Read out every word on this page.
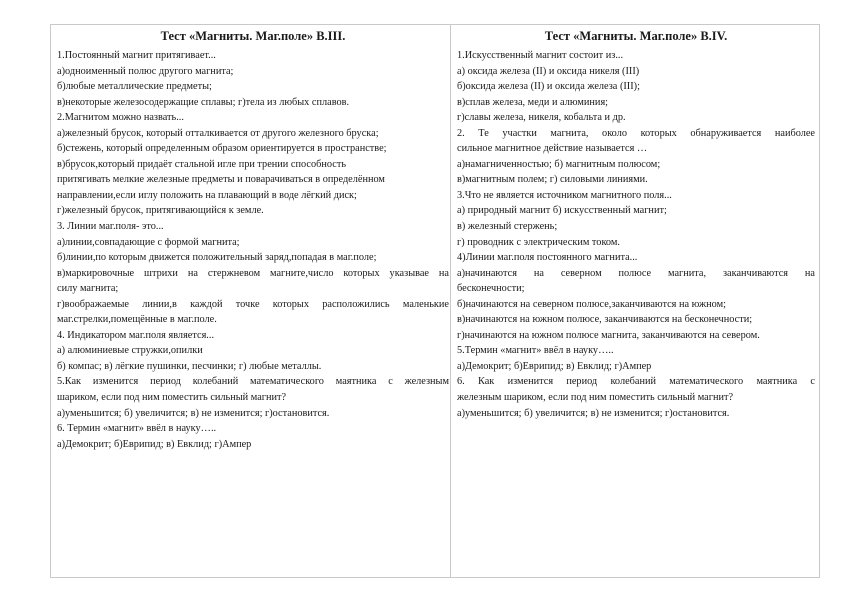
Тест «Магниты. Маг.поле» В.III.
1.Постоянный магнит притягивает...
а)одноименный полюс другого магнита;
б)любые металлические предметы;
в)некоторые железосодержащие сплавы; г)тела из любых сплавов.
2.Магнитом можно назвать...
а)железный брусок, который отталкивается от другого железного бруска;
б)стежень, который определенным образом ориентируется в пространстве;
в)брусок,который придаёт стальной игле при трении способность
притягивать мелкие железные предметы и поварачиваться в определённом
направлении,если иглу положить на плавающий в воде лёгкий диск;
г)железный брусок, притягивающийся к земле.
3. Линии маг.поля- это...
а)линии,совпадающие с формой магнита;
б)линии,по которым движется положительный заряд,попадая в маг.поле;
в)маркировочные штрихи на стержневом магните,число которых указывае на
силу магнита;
г)воображаемые линии,в каждой точке которых расположились маленькие
маг.стрелки,помещённые в маг.поле.
4. Индикатором маг.поля является...
а) алюминиевые стружки,опилки
б) компас; в) лёгкие пушинки, песчинки; г) любые металлы.
5.Как изменится период колебаний математического маятника с железным
шариком, если под ним поместить сильный магнит?
а)уменьшится; б) увеличится; в) не изменится; г)остановится.
6. Термин «магнит» ввёл в науку…..
а)Демокрит; б)Еврипид; в) Евклид; г)Ампер
Тест «Магниты. Маг.поле» В.IV.
1.Искусственный магнит состоит из...
а) оксида железа (II) и оксида никеля (III)
б)оксида железа (II) и оксида железа (III);
в)сплав железа, меди и алюминия;
г)славы железа, никеля, кобальта и др.
2. Те участки магнита, около которых обнаруживается наиболее
сильное магнитное действие называется …
а)намагниченностью; б) магнитным полюсом;
в)магнитным полем; г) силовыми линиями.
3.Что не является источником магнитного поля...
а) природный магнит б) искусственный магнит;
в) железный стержень;
г) проводник с электрическим током.
4)Линии маг.поля постоянного магнита...
а)начинаются на северном полюсе магнита, заканчиваются на
бесконечности;
б)начинаются на северном полюсе,заканчиваются на южном;
в)начинаются на южном полюсе, заканчиваются на бесконечности;
г)начинаются на южном полюсе магнита, заканчиваются на севером.
5.Термин «магнит» ввёл в науку…..
а)Демокрит; б)Еврипид; в) Евклид; г)Ампер
6. Как изменится период колебаний математического маятника с
железным шариком, если под ним поместить сильный магнит?
а)уменьшится; б) увеличится; в) не изменится; г)остановится.
